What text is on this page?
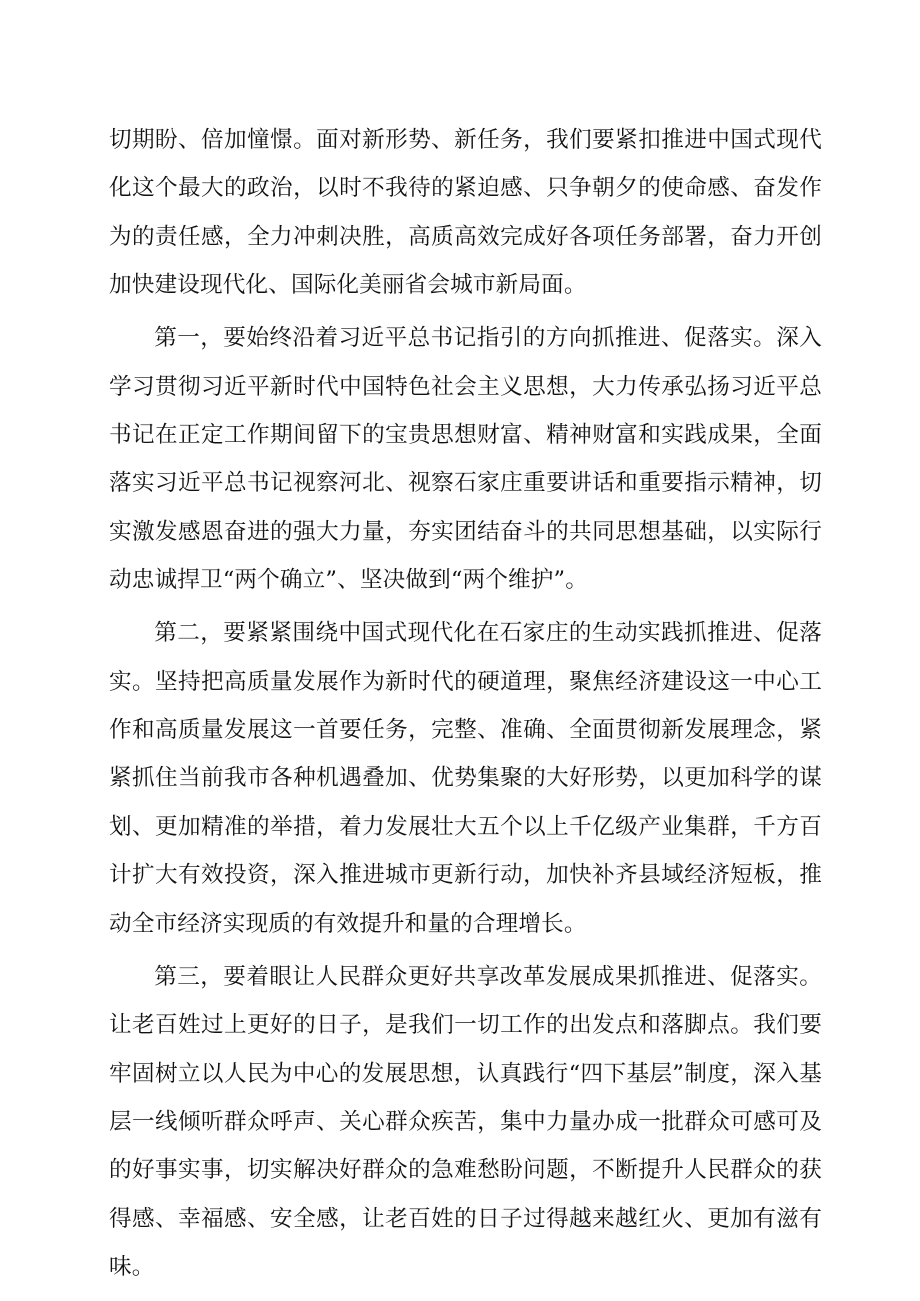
切期盼、倍加憧憬。面对新形势、新任务，我们要紧扣推进中国式现代化这个最大的政治，以时不我待的紧迫感、只争朝夕的使命感、奋发作为的责任感，全力冲刺决胜，高质高效完成好各项任务部署，奋力开创加快建设现代化、国际化美丽省会城市新局面。

第一，要始终沿着习近平总书记指引的方向抓推进、促落实。深入学习贯彻习近平新时代中国特色社会主义思想，大力传承弘扬习近平总书记在正定工作期间留下的宝贵思想财富、精神财富和实践成果，全面落实习近平总书记视察河北、视察石家庄重要讲话和重要指示精神，切实激发感恩奋进的强大力量，夯实团结奋斗的共同思想基础，以实际行动忠诚捍卫“两个确立”、坚决做到“两个维护”。

第二，要紧紧围绕中国式现代化在石家庄的生动实践抓推进、促落实。坚持把高质量发展作为新时代的硬道理，聚焦经济建设这一中心工作和高质量发展这一首要任务，完整、准确、全面贯彻新发展理念，紧紧抓住当前我市各种机遇叠加、优势集聚的大好形势，以更加科学的谋划、更加精准的举措，着力发展壮大五个以上千亿级产业集群，千方百计扩大有效投资，深入推进城市更新行动，加快补齐县域经济短板，推动全市经济实现质的有效提升和量的合理增长。

第三，要着眼让人民群众更好共享改革发展成果抓推进、促落实。让老百姓过上更好的日子，是我们一切工作的出发点和落脚点。我们要牢固树立以人民为中心的发展思想，认真践行“四下基层”制度，深入基层一线倾听群众呼声、关心群众疾苦，集中力量办成一批群众可感可及的好事实事，切实解决好群众的急难愁盼问题，不断提升人民群众的获得感、幸福感、安全感，让老百姓的日子过得越来越红火、更加有滋有味。
